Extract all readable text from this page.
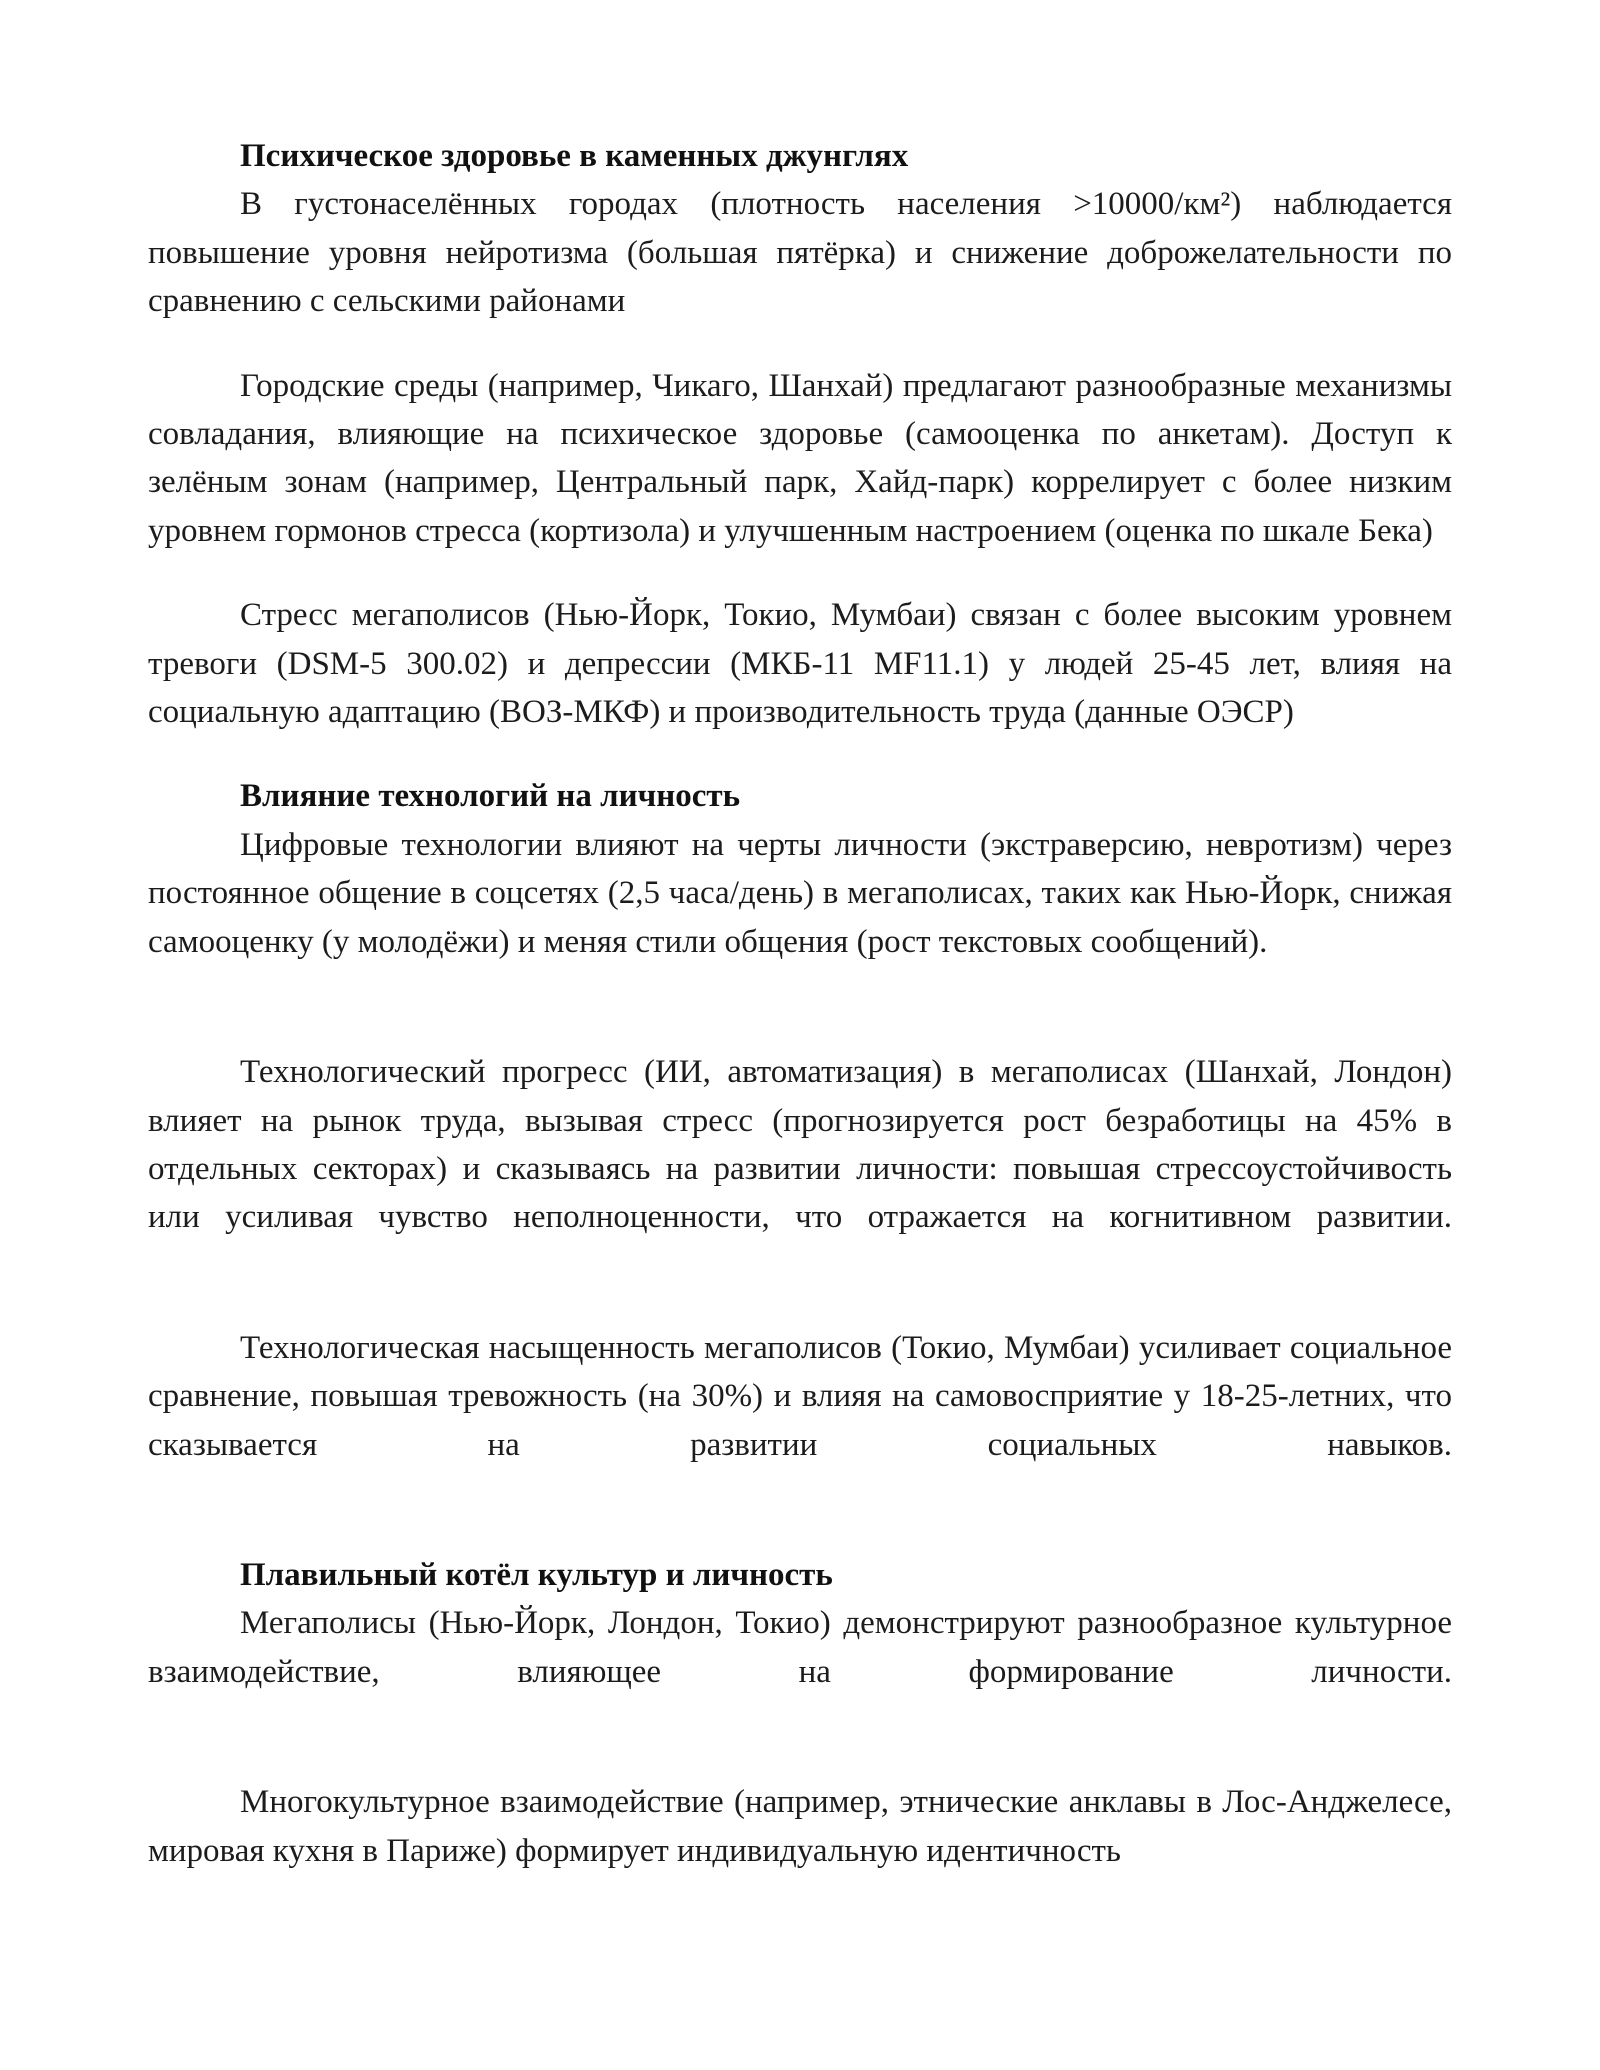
Психическое здоровье в каменных джунглях

В густонаселённых городах (плотность населения >10000/км²) наблюдается повышение уровня нейротизма (большая пятёрка) и снижение доброжелательности по сравнению с сельскими районами

Городские среды (например, Чикаго, Шанхай) предлагают разнообразные механизмы совладания, влияющие на психическое здоровье (самооценка по анкетам). Доступ к зелёным зонам (например, Центральный парк, Хайд-парк) коррелирует с более низким уровнем гормонов стресса (кортизола) и улучшенным настроением (оценка по шкале Бека)

Стресс мегаполисов (Нью-Йорк, Токио, Мумбаи) связан с более высоким уровнем тревоги (DSM-5 300.02) и депрессии (МКБ-11 MF11.1) у людей 25-45 лет, влияя на социальную адаптацию (ВОЗ-МКФ) и производительность труда (данные ОЭСР)

Влияние технологий на личность

Цифровые технологии влияют на черты личности (экстраверсию, невротизм) через постоянное общение в соцсетях (2,5 часа/день) в мегаполисах, таких как Нью-Йорк, снижая самооценку (у молодёжи) и меняя стили общения (рост текстовых сообщений).

Технологический прогресс (ИИ, автоматизация) в мегаполисах (Шанхай, Лондон) влияет на рынок труда, вызывая стресс (прогнозируется рост безработицы на 45% в отдельных секторах) и сказываясь на развитии личности: повышая стрессоустойчивость или усиливая чувство неполноценности, что отражается на когнитивном развитии.

Технологическая насыщенность мегаполисов (Токио, Мумбаи) усиливает социальное сравнение, повышая тревожность (на 30%) и влияя на самовосприятие у 18-25-летних, что сказывается на развитии социальных навыков.

Плавильный котёл культур и личность

Мегаполисы (Нью-Йорк, Лондон, Токио) демонстрируют разнообразное культурное взаимодействие, влияющее на формирование личности.

Многокультурное взаимодействие (например, этнические анклавы в Лос-Анджелесе, мировая кухня в Париже) формирует индивидуальную идентичность
